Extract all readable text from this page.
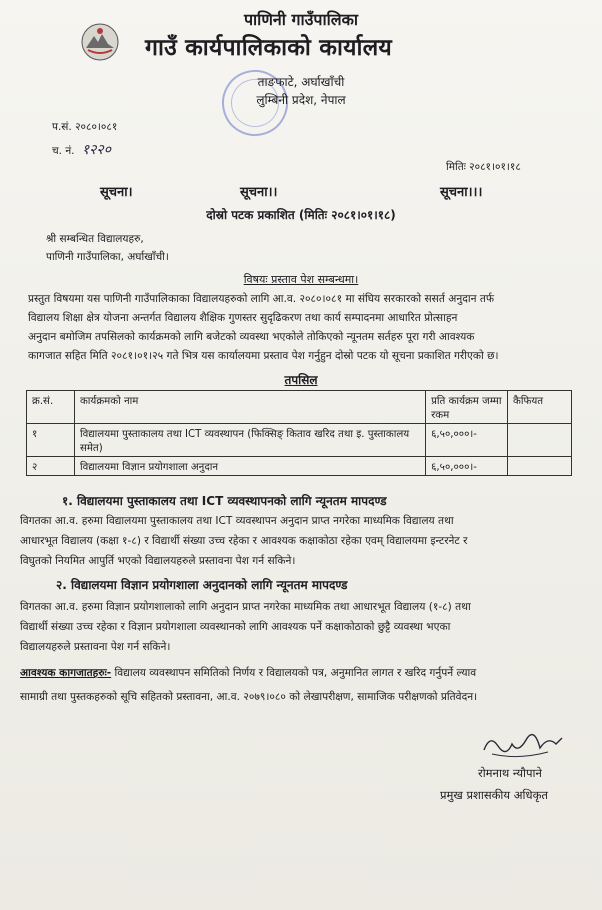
पाणिनी गाउँपालिका
गाउँ कार्यपालिकाको कार्यालय
ताङफाटे, अर्घाखाँची
लुम्बिनी प्रदेश, नेपाल
प.सं. २०८०।०८१
च. नं. १२२०
मितिः २०८१।०१।१८
सूचना।	सूचना।।	सूचना।।।
दोस्रो पटक प्रकाशित (मितिः २०८१।०१।१८)
श्री सम्बन्धित विद्यालयहरु,
पाणिनी गाउँपालिका, अर्घाखाँची।
विषयः प्रस्ताव पेश सम्बन्धमा।
प्रस्तुत विषयमा यस पाणिनी गाउँपालिकाका विद्यालयहरुको लागि आ.व. २०८०।०८१ मा संघिय सरकारको ससर्त अनुदान तर्फ
विद्यालय शिक्षा क्षेत्र योजना अन्तर्गत विद्यालय शैक्षिक गुणस्तर सुदृढिकरण तथा कार्य सम्पादनमा आधारित प्रोत्साहन
अनुदान बमोजिम तपसिलको कार्यक्रमको लागि बजेटको व्यवस्था भएकोले तोकिएको न्यूनतम सर्तहरु पूरा गरी आवश्यक
कागजात सहित मिति २०८१।०१।२५ गते भित्र यस कार्यालयमा प्रस्ताव पेश गर्नुहुन दोस्रो पटक यो सूचना प्रकाशित गरीएको छ।
तपसिल
क्र.सं.	कार्यक्रमको नाम	प्रति कार्यक्रम जम्मा रकम	कैफियत
१	विद्यालयमा पुस्ताकालय तथा ICT व्यवस्थापन (फिक्सिङ् किताव खरिद तथा इ. पुस्ताकालय समेत)	६,५०,०००।-	
२	विद्यालयमा विज्ञान प्रयोगशाला अनुदान	६,५०,०००।-	
१. विद्यालयमा पुस्ताकालय तथा ICT व्यवस्थापनको लागि न्यूनतम मापदण्ड
विगतका आ.व. हरुमा विद्यालयमा पुस्ताकालय तथा ICT व्यवस्थापन अनुदान प्राप्त नगरेका माध्यमिक विद्यालय तथा
आधारभूत विद्यालय (कक्षा १-८) र विद्यार्थी संख्या उच्च रहेका र आवश्यक कक्षाकोठा रहेका एवम् विद्यालयमा इन्टरनेट र
विघुतको नियमित आपुर्ति भएको विद्यालयहरुले प्रस्तावना पेश गर्न सकिने।
२. विद्यालयमा विज्ञान प्रयोगशाला अनुदानको लागि न्यूनतम मापदण्ड
विगतका आ.व. हरुमा विज्ञान प्रयोगशालाको लागि अनुदान प्राप्त नगरेका माध्यमिक तथा आधारभूत विद्यालय (१-८) तथा
विद्यार्थी संख्या उच्च रहेका र विज्ञान प्रयोगशाला व्यवस्थानको लागि आवश्यक पर्ने कक्षाकोठाको छुट्टै व्यवस्था भएका
विद्यालयहरुले प्रस्तावना पेश गर्न सकिने।
आवश्यक कागजातहरुः- विद्यालय व्यवस्थापन समितिको निर्णय र विद्यालयको पत्र, अनुमानित लागत र खरिद गर्नुपर्ने ल्याव
सामाग्री तथा पुस्तकहरुको सूचि सहितको प्रस्तावना, आ.व. २०७९।०८० को लेखापरीक्षण, सामाजिक परीक्षणको प्रतिवेदन।
रोमनाथ न्यौपाने
प्रमुख प्रशासकीय अधिकृत
